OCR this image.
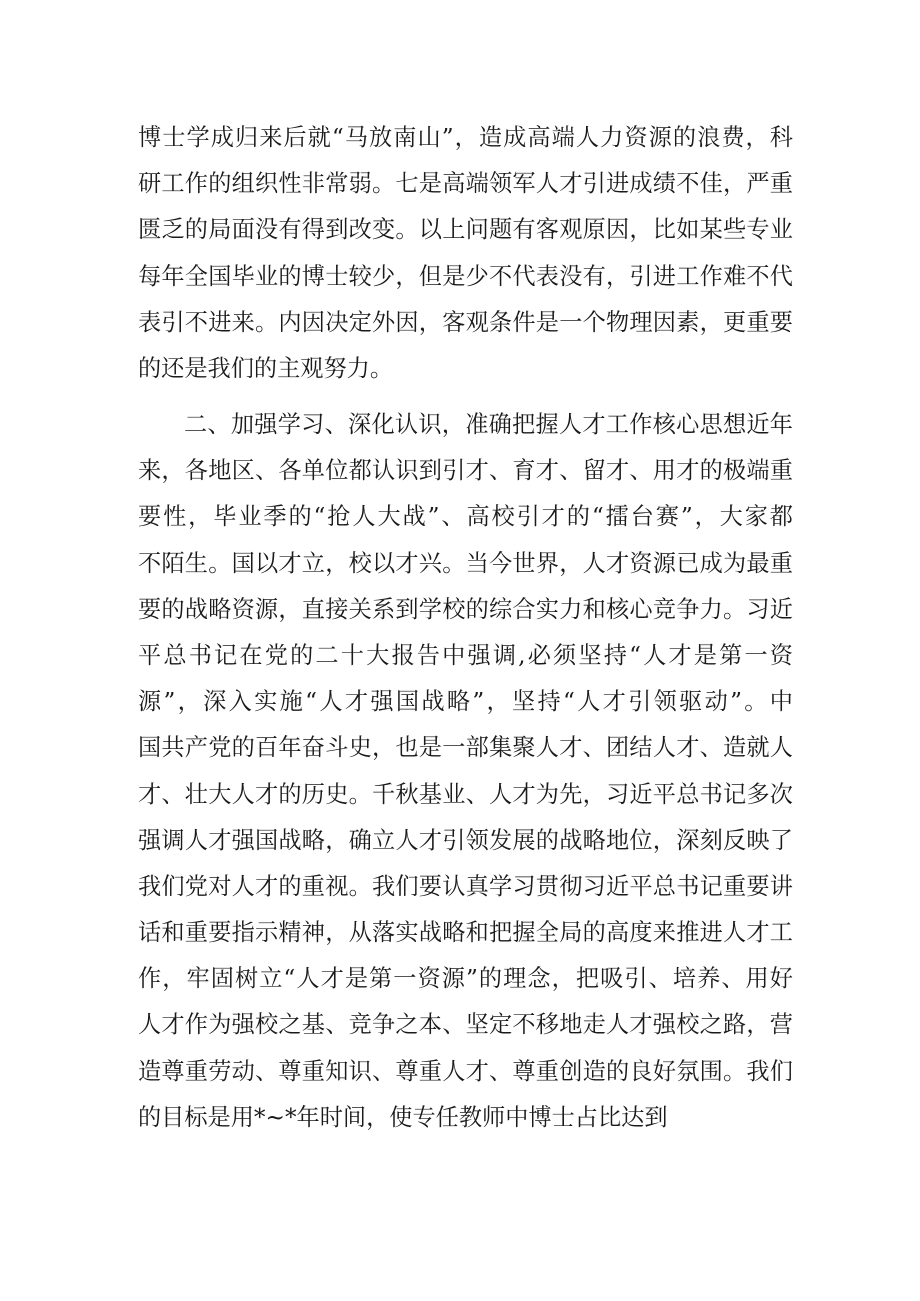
博士学成归来后就“马放南山”，造成高端人力资源的浪费，科
研工作的组织性非常弱。七是高端领军人才引进成绩不佳，严重
匮乏的局面没有得到改变。以上问题有客观原因，比如某些专业
每年全国毕业的博士较少，但是少不代表没有，引进工作难不代
表引不进来。内因决定外因，客观条件是一个物理因素，更重要
的还是我们的主观努力。
二、加强学习、深化认识，准确把握人才工作核心思想近年
来，各地区、各单位都认识到引才、育才、留才、用才的极端重
要性，毕业季的“抢人大战”、高校引才的“擂台赛”，大家都
不陌生。国以才立，校以才兴。当今世界，人才资源已成为最重
要的战略资源，直接关系到学校的综合实力和核心竞争力。习近
平总书记在党的二十大报告中强调,必须坚持“人才是第一资
源”，深入实施“人才强国战略”，坚持“人才引领驱动”。中
国共产党的百年奋斗史，也是一部集聚人才、团结人才、造就人
才、壮大人才的历史。千秋基业、人才为先，习近平总书记多次
强调人才强国战略，确立人才引领发展的战略地位，深刻反映了
我们党对人才的重视。我们要认真学习贯彻习近平总书记重要讲
话和重要指示精神，从落实战略和把握全局的高度来推进人才工
作，牢固树立“人才是第一资源”的理念，把吸引、培养、用好
人才作为强校之基、竞争之本、坚定不移地走人才强校之路，营
造尊重劳动、尊重知识、尊重人才、尊重创造的良好氛围。我们
的目标是用*~*年时间，使专任教师中博士占比达到
